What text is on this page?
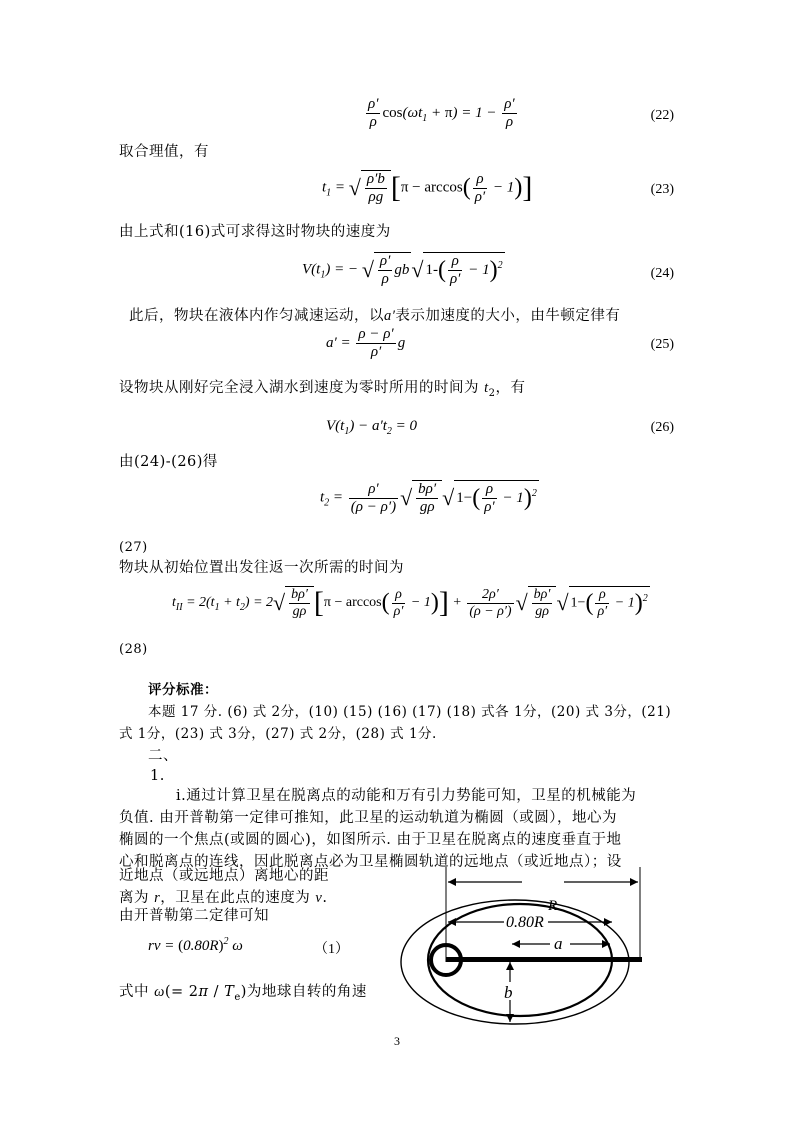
$\frac{\rho'}{\rho} \cos(\omega t_1 + \pi) = 1 - \frac{\rho'}{\rho}$	(22)
取合理值，有
$t_1$ = √ $\frac{\rho'b}{\rho g} [\pi - \arccos( \frac{\rho}{\rho'} - 1)]$	(23)
由上式和(16)式可求得这时物块的速度为
$V(t_1)$ = − √ $\frac{\rho'}{\rho} gb√$ $1-( \frac{\rho}{\rho'} - 1)^2$
(24)
此后，物块在液体内作匀减速运动，以a′表示加速度的大小，由牛顿定律有
$a' = \frac{\rho - \rho'}{\rho'}$ g	(25)
设物块从刚好完全浸入湖水到速度为零时所用的时间为 $t_2$，有
$V(t_1) - a't_2 = 0$	(26)
由(24)-(26)得
$t_2 = \frac{\rho'}{(\rho - \rho')}$ √ $\frac{b\rho'}{g\rho}$ √ $1-( \frac{\rho}{\rho'} - 1)^2$
(27)
物块从初始位置出发往返一次所需的时间为
$t_{II} = 2(t_1 + t_2) = 2√ \frac{b\rho'}{g\rho} [\pi - \arccos( \frac{\rho}{\rho'} - 1)] + \frac{2\rho'}{(\rho - \rho')}$ √ $\frac{b\rho'}{g\rho}$ √ $1-( \frac{\rho}{\rho'} - 1)^2$
(28)
评分标准：
本题 17 分. (6) 式 2分，(10) (15) (16) (17) (18) 式各 1分，(20) 式 3分，(21)
式 1分，(23) 式 3分，(27) 式 2分，(28) 式 1分.
二、
1.
ⅰ.通过计算卫星在脱离点的动能和万有引力势能可知，卫星的机械能为
负值. 由开普勒第一定律可推知，此卫星的运动轨道为椭圆（或圆），地心为
椭圆的一个焦点(或圆的圆心)，如图所示. 由于卫星在脱离点的速度垂直于地
心和脱离点的连线，因此脱离点必为卫星椭圆轨道的远地点（或近地点）；设
近地点（或远地点）离地心的距
离为 r，卫星在此点的速度为 v.
由开普勒第二定律可知
rv = $(0.80R)^2$ ω	（1）
式中 $\omega(= 2\pi / T_e)$为地球自转的角速
R
0.80R
a
b
3
